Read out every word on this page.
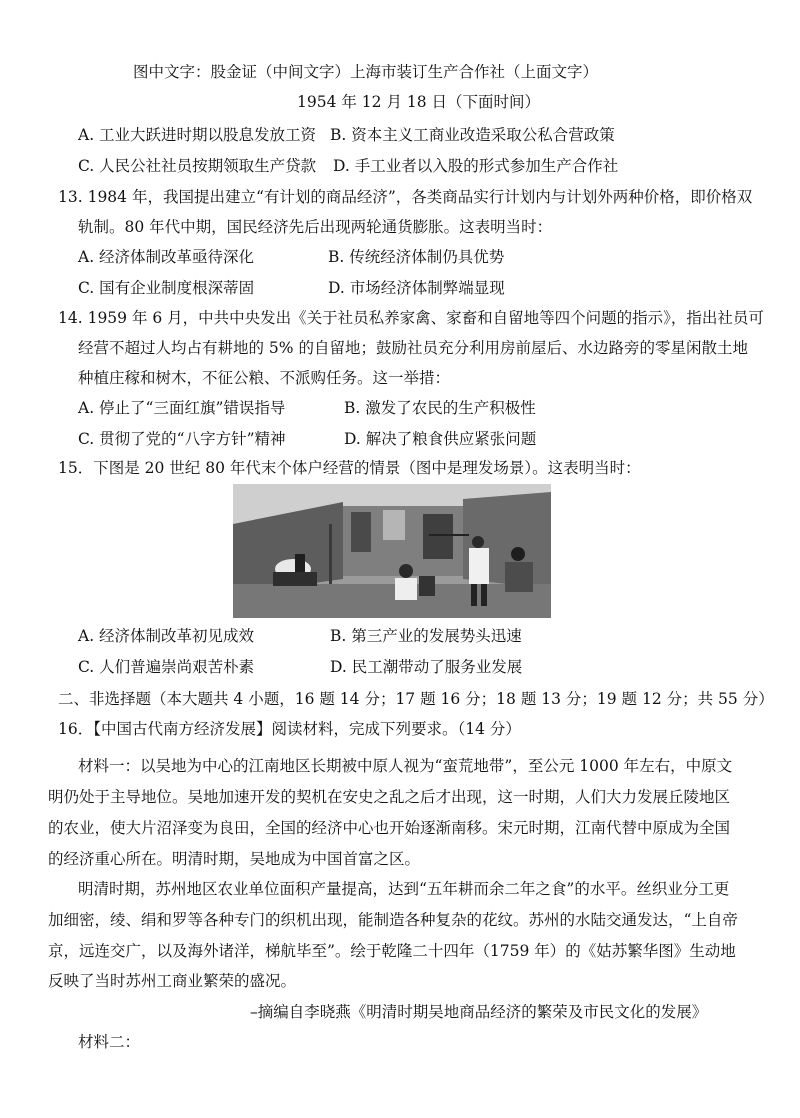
图中文字：股金证（中间文字）上海市装订生产合作社（上面文字）
1954 年 12 月 18 日（下面时间）
A. 工业大跃进时期以股息发放工资 B. 资本主义工商业改造采取公私合营政策
C. 人民公社社员按期领取生产贷款 D. 手工业者以入股的形式参加生产合作社
13. 1984 年，我国提出建立“有计划的商品经济”，各类商品实行计划内与计划外两种价格，即价格双
轨制。80 年代中期，国民经济先后出现两轮通货膨胀。这表明当时：
A. 经济体制改革亟待深化	B. 传统经济体制仍具优势
C. 国有企业制度根深蒂固	D. 市场经济体制弊端显现
14. 1959 年 6 月，中共中央发出《关于社员私养家禽、家畜和自留地等四个问题的指示》，指出社员可
经营不超过人均占有耕地的 5% 的自留地；鼓励社员充分利用房前屋后、水边路旁的零星闲散土地
种植庄稼和树木，不征公粮、不派购任务。这一举措：
A. 停止了“三面红旗”错误指导	B. 激发了农民的生产积极性
C. 贯彻了党的“八字方针”精神	D. 解决了粮食供应紧张问题
15．下图是 20 世纪 80 年代末个体户经营的情景（图中是理发场景）。这表明当时：
A. 经济体制改革初见成效	B. 第三产业的发展势头迅速
C. 人们普遍崇尚艰苦朴素	D. 民工潮带动了服务业发展
二、非选择题（本大题共 4 小题，16 题 14 分；17 题 16 分；18 题 13 分；19 题 12 分；共 55 分）
16．【中国古代南方经济发展】阅读材料，完成下列要求。（14 分）
材料一：以吴地为中心的江南地区长期被中原人视为“蛮荒地带”，至公元 1000 年左右，中原文
明仍处于主导地位。吴地加速开发的契机在安史之乱之后才出现，这一时期，人们大力发展丘陵地区
的农业，使大片沼泽变为良田，全国的经济中心也开始逐渐南移。宋元时期，江南代替中原成为全国
的经济重心所在。明清时期，吴地成为中国首富之区。
明清时期，苏州地区农业单位面积产量提高，达到“五年耕而余二年之食”的水平。丝织业分工更
加细密，绫、绢和罗等各种专门的织机出现，能制造各种复杂的花纹。苏州的水陆交通发达，“上自帝
京，远连交广，以及海外诸洋，梯航毕至”。绘于乾隆二十四年（1759 年）的《姑苏繁华图》生动地
反映了当时苏州工商业繁荣的盛况。
–摘编自李晓燕《明清时期吴地商品经济的繁荣及市民文化的发展》
材料二：
